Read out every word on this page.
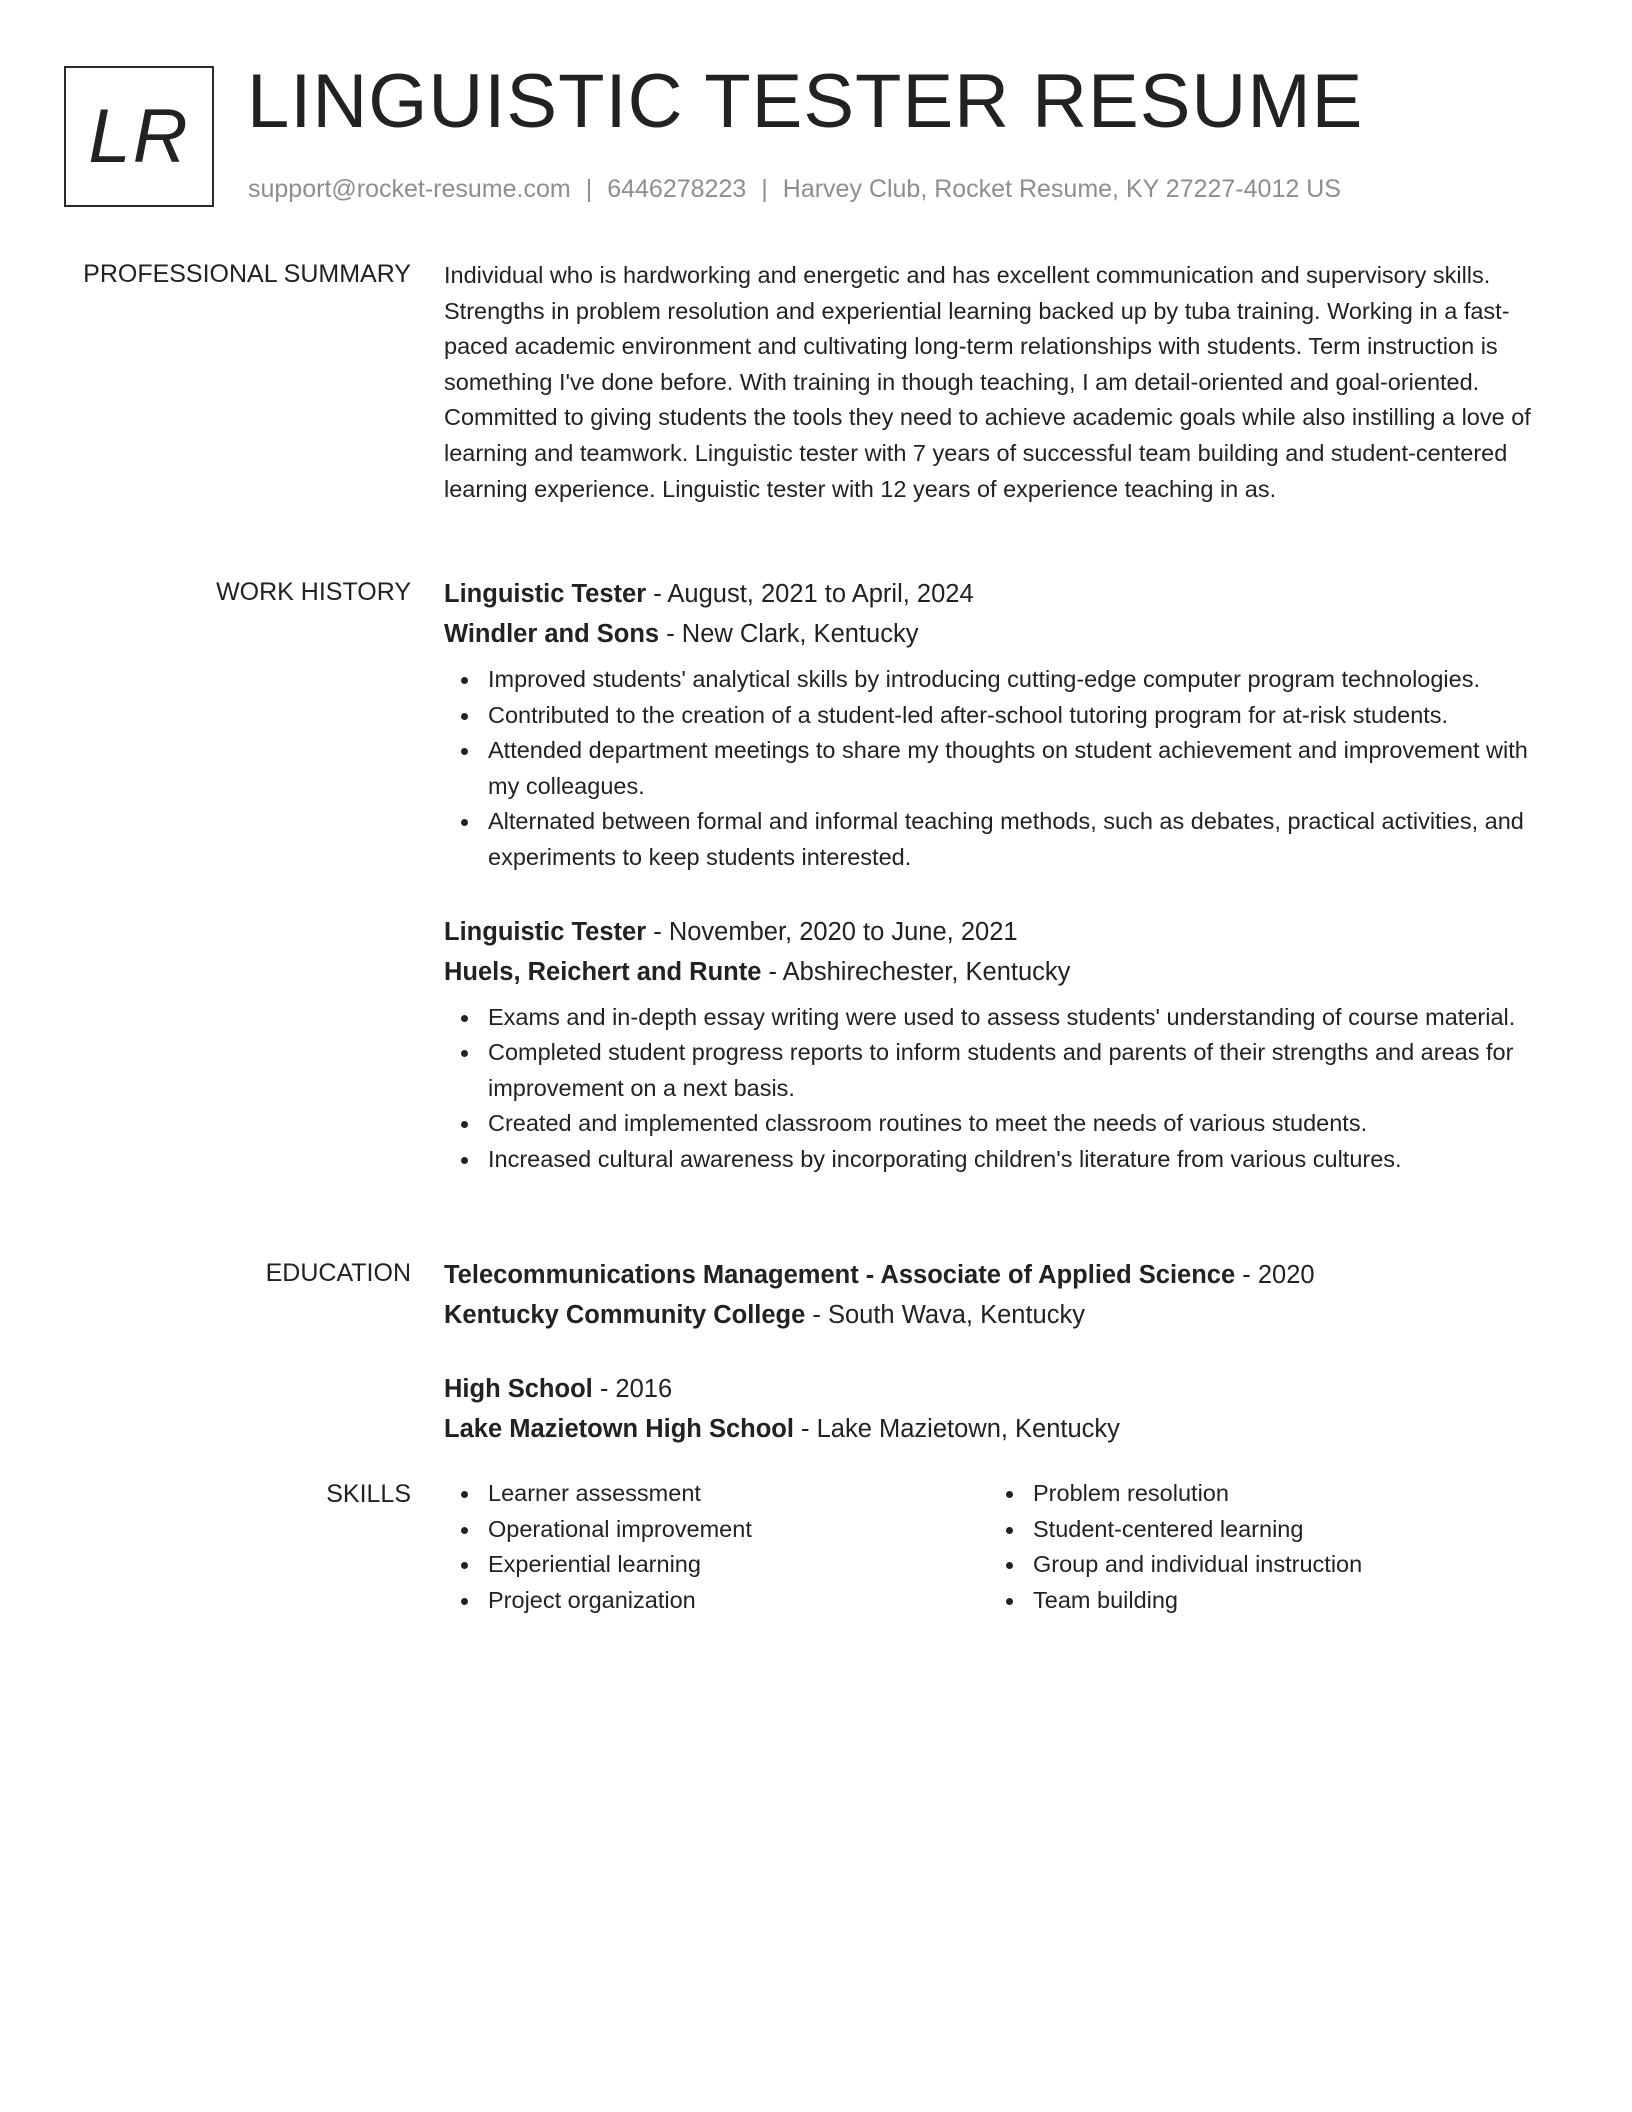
LR LINGUISTIC TESTER RESUME
support@rocket-resume.com | 6446278223 | Harvey Club, Rocket Resume, KY 27227-4012 US
PROFESSIONAL SUMMARY Individual who is hardworking and energetic and has excellent communication and supervisory skills. Strengths in problem resolution and experiential learning backed up by tuba training. Working in a fast-paced academic environment and cultivating long-term relationships with students. Term instruction is something I've done before. With training in though teaching, I am detail-oriented and goal-oriented. Committed to giving students the tools they need to achieve academic goals while also instilling a love of learning and teamwork. Linguistic tester with 7 years of successful team building and student-centered learning experience. Linguistic tester with 12 years of experience teaching in as.

WORK HISTORY Linguistic Tester - August, 2021 to April, 2024
Windler and Sons - New Clark, Kentucky
Improved students' analytical skills by introducing cutting-edge computer program technologies.
Contributed to the creation of a student-led after-school tutoring program for at-risk students.
Attended department meetings to share my thoughts on student achievement and improvement with my colleagues.
Alternated between formal and informal teaching methods, such as debates, practical activities, and experiments to keep students interested.
Linguistic Tester - November, 2020 to June, 2021
Huels, Reichert and Runte - Abshirechester, Kentucky
Exams and in-depth essay writing were used to assess students' understanding of course material.
Completed student progress reports to inform students and parents of their strengths and areas for improvement on a next basis.
Created and implemented classroom routines to meet the needs of various students.
Increased cultural awareness by incorporating children's literature from various cultures.
EDUCATION Telecommunications Management - Associate of Applied Science - 2020
Kentucky Community College - South Wava, Kentucky
High School - 2016
Lake Mazietown High School - Lake Mazietown, Kentucky
SKILLS	Learner assessment
Operational improvement
Experiential learning
Project organization
Problem resolution
Student-centered learning
Group and individual instruction
Team building
